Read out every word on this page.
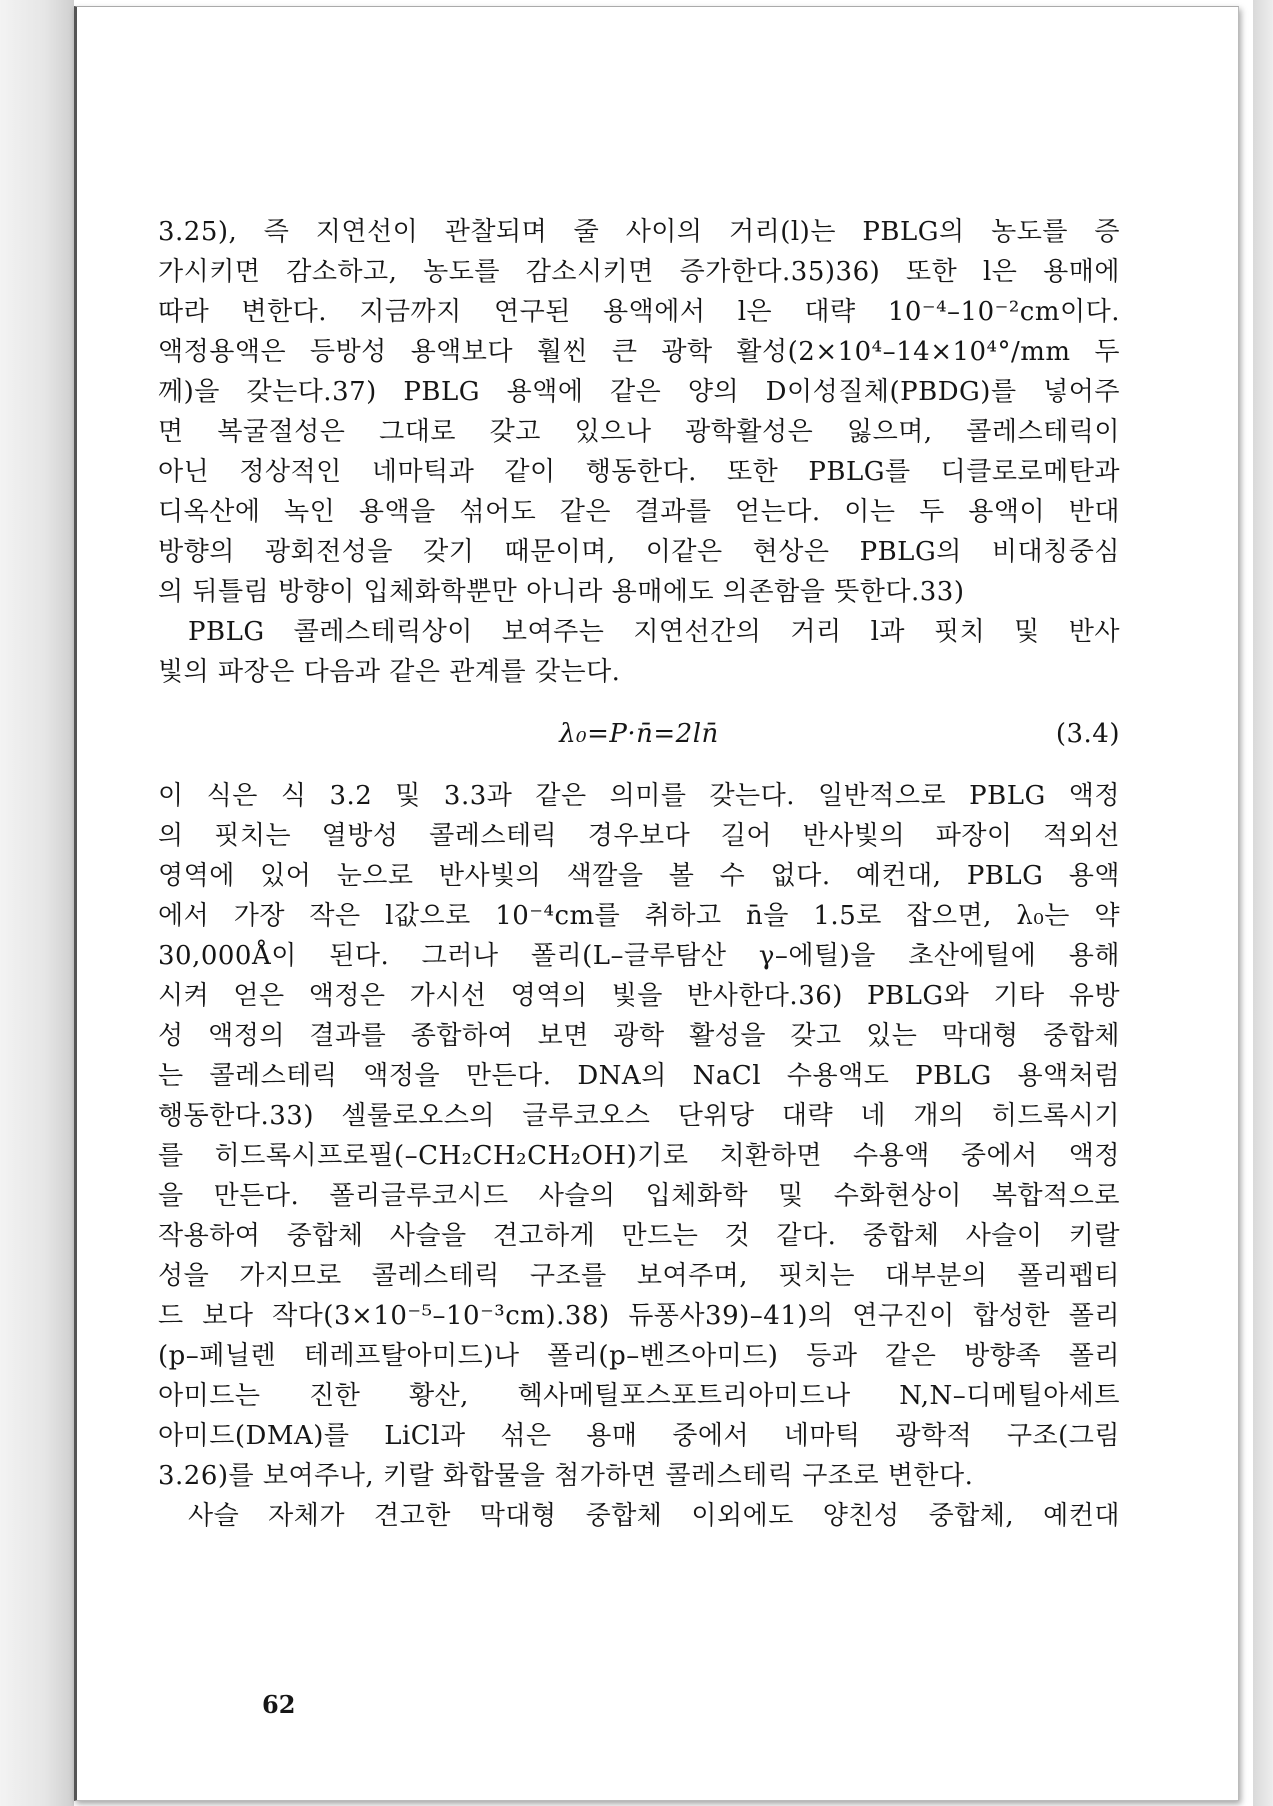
3.25), 즉 지연선이 관찰되며 줄 사이의 거리(l)는 PBLG의 농도를 증
가시키면 감소하고, 농도를 감소시키면 증가한다.35)36) 또한 l은 용매에
따라 변한다. 지금까지 연구된 용액에서 l은 대략 10⁻⁴–10⁻²cm이다.
액정용액은 등방성 용액보다 훨씬 큰 광학 활성(2×10⁴–14×10⁴°/mm 두
께)을 갖는다.37) PBLG 용액에 같은 양의 D이성질체(PBDG)를 넣어주
면 복굴절성은 그대로 갖고 있으나 광학활성은 잃으며, 콜레스테릭이
아닌 정상적인 네마틱과 같이 행동한다. 또한 PBLG를 디클로로메탄과
디옥산에 녹인 용액을 섞어도 같은 결과를 얻는다. 이는 두 용액이 반대
방향의 광회전성을 갖기 때문이며, 이같은 현상은 PBLG의 비대칭중심
의 뒤틀림 방향이 입체화학뿐만 아니라 용매에도 의존함을 뜻한다.33)
PBLG 콜레스테릭상이 보여주는 지연선간의 거리 l과 핏치 및 반사
빛의 파장은 다음과 같은 관계를 갖는다.
λ₀=P·n̄=2ln̄	(3.4)
이 식은 식 3.2 및 3.3과 같은 의미를 갖는다. 일반적으로 PBLG 액정
의 핏치는 열방성 콜레스테릭 경우보다 길어 반사빛의 파장이 적외선
영역에 있어 눈으로 반사빛의 색깔을 볼 수 없다. 예컨대, PBLG 용액
에서 가장 작은 l값으로 10⁻⁴cm를 취하고 n̄을 1.5로 잡으면, λ₀는 약
30,000Å이 된다. 그러나 폴리(L–글루탐산 γ–에틸)을 초산에틸에 용해
시켜 얻은 액정은 가시선 영역의 빛을 반사한다.36) PBLG와 기타 유방
성 액정의 결과를 종합하여 보면 광학 활성을 갖고 있는 막대형 중합체
는 콜레스테릭 액정을 만든다. DNA의 NaCl 수용액도 PBLG 용액처럼
행동한다.33) 셀룰로오스의 글루코오스 단위당 대략 네 개의 히드록시기
를 히드록시프로필(–CH₂CH₂CH₂OH)기로 치환하면 수용액 중에서 액정
을 만든다. 폴리글루코시드 사슬의 입체화학 및 수화현상이 복합적으로
작용하여 중합체 사슬을 견고하게 만드는 것 같다. 중합체 사슬이 키랄
성을 가지므로 콜레스테릭 구조를 보여주며, 핏치는 대부분의 폴리펩티
드 보다 작다(3×10⁻⁵–10⁻³cm).38) 듀퐁사39)–41)의 연구진이 합성한 폴리
(p–페닐렌 테레프탈아미드)나 폴리(p–벤즈아미드) 등과 같은 방향족 폴리
아미드는 진한 황산, 헥사메틸포스포트리아미드나 N,N–디메틸아세트
아미드(DMA)를 LiCl과 섞은 용매 중에서 네마틱 광학적 구조(그림
3.26)를 보여주나, 키랄 화합물을 첨가하면 콜레스테릭 구조로 변한다.
사슬 자체가 견고한 막대형 중합체 이외에도 양친성 중합체, 예컨대
62
